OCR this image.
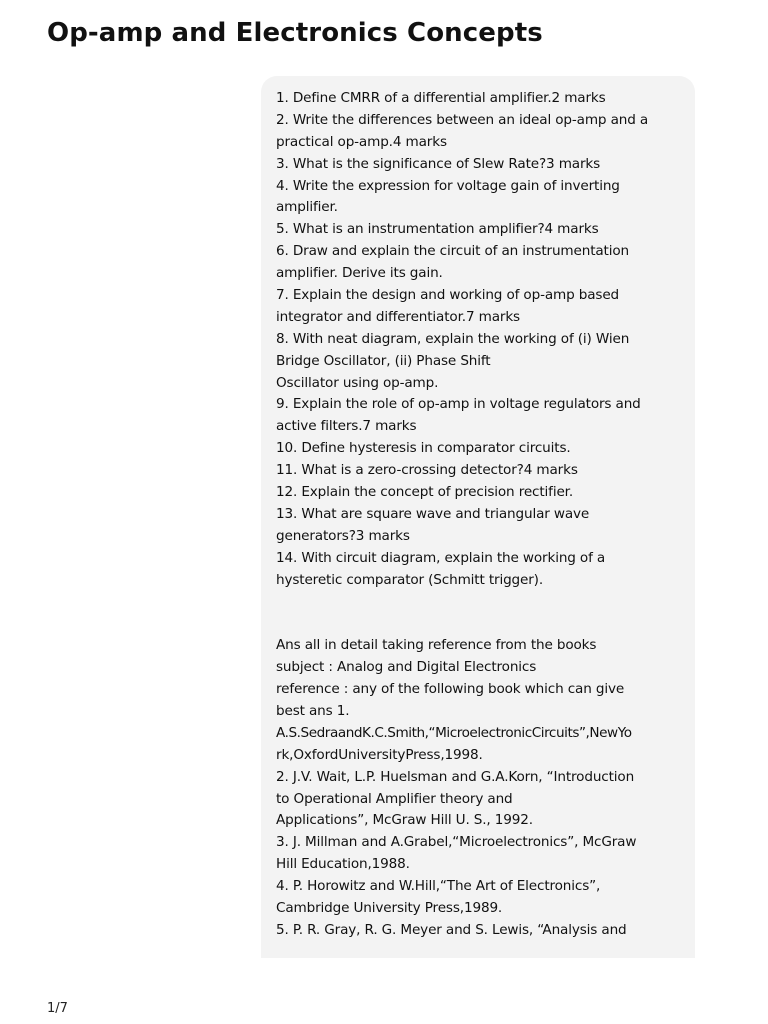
Op-amp and Electronics Concepts
1. Define CMRR of a differential amplifier.2 marks
2. Write the differences between an ideal op-amp and a
practical op-amp.4 marks
3. What is the significance of Slew Rate?3 marks
4. Write the expression for voltage gain of inverting
amplifier.
5. What is an instrumentation amplifier?4 marks
6. Draw and explain the circuit of an instrumentation
amplifier. Derive its gain.
7. Explain the design and working of op-amp based
integrator and differentiator.7 marks
8. With neat diagram, explain the working of (i) Wien
Bridge Oscillator, (ii) Phase Shift
Oscillator using op-amp.
9. Explain the role of op-amp in voltage regulators and
active filters.7 marks
10. Define hysteresis in comparator circuits.
11. What is a zero-crossing detector?4 marks
12. Explain the concept of precision rectifier.
13. What are square wave and triangular wave
generators?3 marks
14. With circuit diagram, explain the working of a
hysteretic comparator (Schmitt trigger).
Ans all in detail taking reference from the books
subject : Analog and Digital Electronics
reference : any of the following book which can give
best ans 1.
A.S.SedraandK.C.Smith,“MicroelectronicCircuits”,NewYo
rk,OxfordUniversityPress,1998.
2. J.V. Wait, L.P. Huelsman and G.A.Korn, “Introduction
to Operational Amplifier theory and
Applications”, McGraw Hill U. S., 1992.
3. J. Millman and A.Grabel,“Microelectronics”, McGraw
Hill Education,1988.
4. P. Horowitz and W.Hill,“The Art of Electronics”,
Cambridge University Press,1989.
5. P. R. Gray, R. G. Meyer and S. Lewis, “Analysis and
1/7
